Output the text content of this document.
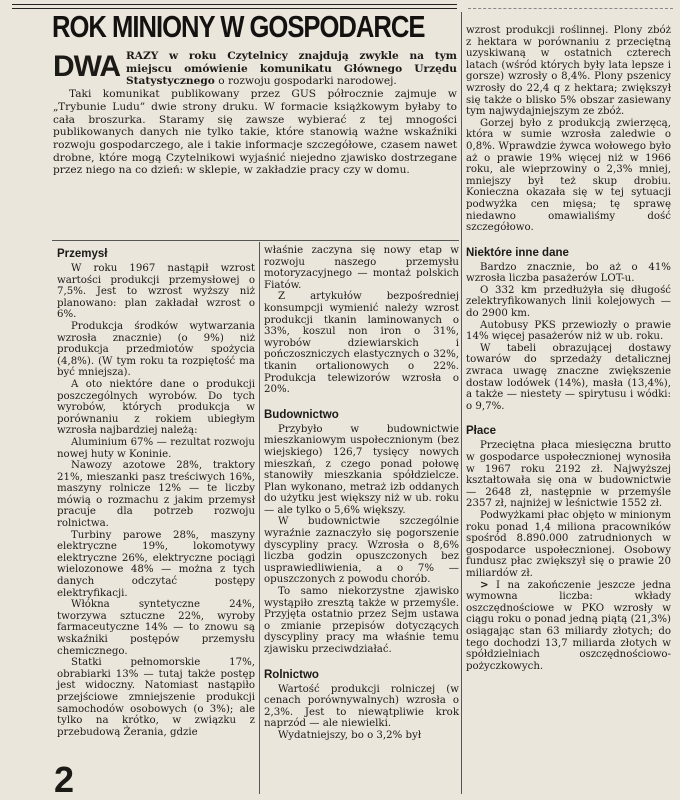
ROK MINIONY W GOSPODARCE

DWA RAZY w roku Czytelnicy znajdują zwykle na tym miejscu omówienie komunikatu Głównego Urzędu Statystycznego o rozwoju gospodarki narodowej.

Taki komunikat publikowany przez GUS półrocznie zajmuje w „Trybunie Ludu” dwie strony druku. W formacie książkowym byłaby to cała broszurka. Staramy się zawsze wybierać z tej mnogości publikowanych danych nie tylko takie, które stanowią ważne wskaźniki rozwoju gospodarczego, ale i takie informacje szczegółowe, czasem nawet drobne, które mogą Czytelnikowi wyjaśnić niejedno zjawisko dostrzegane przez niego na co dzień: w sklepie, w zakładzie pracy czy w domu.

Przemysł

W roku 1967 nastąpił wzrost wartości produkcji przemysłowej o 7,5%. Jest to wzrost wyższy niż planowano: plan zakładał wzrost o 6%.

Produkcja środków wytwarzania wzrosła znacznie) (o 9%) niż produkcja przedmiotów spożycia (4,8%). (W tym roku ta rozpiętość ma być mniejsza).

A oto niektóre dane o produkcji poszczególnych wyrobów. Do tych wyrobów, których produkcja w porównaniu z rokiem ubiegłym wzrosła najbardziej należą:

Aluminium 67% — rezultat rozwoju nowej huty w Koninie.

Nawozy azotowe 28%, traktory 21%, mieszanki pasz treściwych 16%, maszyny rolnicze 12% — te liczby mówią o rozmachu z jakim przemysł pracuje dla potrzeb rozwoju rolnictwa.

Turbiny parowe 28%, maszyny elektryczne 19%, lokomotywy elektryczne 26%, elektryczne pociągi wielozonowe 48% — można z tych danych odczytać postępy elektryfikacji.

Włókna syntetyczne 24%, tworzywa sztuczne 22%, wyroby farmaceutyczne 14% — to znowu są wskaźniki postępów przemysłu chemicznego.

Statki pełnomorskie 17%, obrabiarki 13% — tutaj także postęp jest widoczny. Natomiast nastąpiło przejściowe zmniejszenie produkcji samochodów osobowych (o 3%); ale tylko na krótko, w związku z przebudową Żerania, gdzie

właśnie zaczyna się nowy etap w rozwoju naszego przemysłu motoryzacyjnego — montaż polskich Fiatów.

Z artykułów bezpośredniej konsumpcji wymienić należy wzrost produkcji tkanin laminowanych o 33%, koszul non iron o 31%, wyrobów dziewiarskich i pończoszniczych elastycznych o 32%, tkanin ortalionowych o 22%. Produkcja telewizorów wzrosła o 20%.

Budownictwo

Przybyło w budownictwie mieszkaniowym uspołecznionym (bez wiejskiego) 126,7 tysięcy nowych mieszkań, z czego ponad połowę stanowiły mieszkania spółdzielcze. Plan wykonano, metraż izb oddanych do użytku jest większy niż w ub. roku — ale tylko o 5,6% większy.

W budownictwie szczególnie wyraźnie zaznaczyło się pogorszenie dyscypliny pracy. Wzrosła o 8,6% liczba godzin opuszczonych bez usprawiedliwienia, a o 7% — opuszczonych z powodu chorób.

To samo niekorzystne zjawisko wystąpiło zresztą także w przemyśle. Przyjęta ostatnio przez Sejm ustawa o zmianie przepisów dotyczących dyscypliny pracy ma właśnie temu zjawisku przeciwdziałać.

Rolnictwo

Wartość produkcji rolniczej (w cenach porównywalnych) wzrosła o 2,3%. Jest to niewątpliwie krok naprzód — ale niewielki.

Wydatniejszy, bo o 3,2% był

wzrost produkcji roślinnej. Plony zbóż z hektara w porównaniu z przeciętną uzyskiwaną w ostatnich czterech latach (wśród których były lata lepsze i gorsze) wzrosły o 8,4%. Plony pszenicy wzrosły do 22,4 q z hektara; zwiększył się także o blisko 5% obszar zasiewany tym najwydajniejszym ze zbóż.

Gorzej było z produkcją zwierzęcą, która w sumie wzrosła zaledwie o 0,8%. Wprawdzie żywca wołowego było aż o prawie 19% więcej niż w 1966 roku, ale wieprzowiny o 2,3% mniej, mniejszy był też skup drobiu. Konieczna okazała się w tej sytuacji podwyżka cen mięsa; tę sprawę niedawno omawialiśmy dość szczegółowo.

Niektóre inne dane

Bardzo znacznie, bo aż o 41% wzrosła liczba pasażerów LOT-u.

O 332 km przedłużyła się długość zelektryfikowanych linii kolejowych — do 2900 km.

Autobusy PKS przewiozły o prawie 14% więcej pasażerów niż w ub. roku.

W tabeli obrazującej dostawy towarów do sprzedaży detalicznej zwraca uwagę znaczne zwiększenie dostaw lodówek (14%), masła (13,4%), a także — niestety — spirytusu i wódki: o 9,7%.

Płace

Przeciętna płaca miesięczna brutto w gospodarce uspołecznionej wynosiła w 1967 roku 2192 zł. Najwyższej kształtowała się ona w budownictwie — 2648 zł, następnie w przemyśle 2357 zł, najniżej w leśnictwie 1552 zł.

Podwyżkami płac objęto w minionym roku ponad 1,4 miliona pracowników spośród 8.890.000 zatrudnionych w gospodarce uspołecznionej. Osobowy fundusz płac zwiększył się o prawie 20 miliardów zł.

> I na zakończenie jeszcze jedna wymowna liczba: wkłady oszczędnościowe w PKO wzrosły w ciągu roku o ponad jedną piątą (21,3%) osiągając stan 63 miliardy złotych; do tego dochodzi 13,7 miliarda złotych w spółdzielniach oszczędnościowo-pożyczkowych.

2
